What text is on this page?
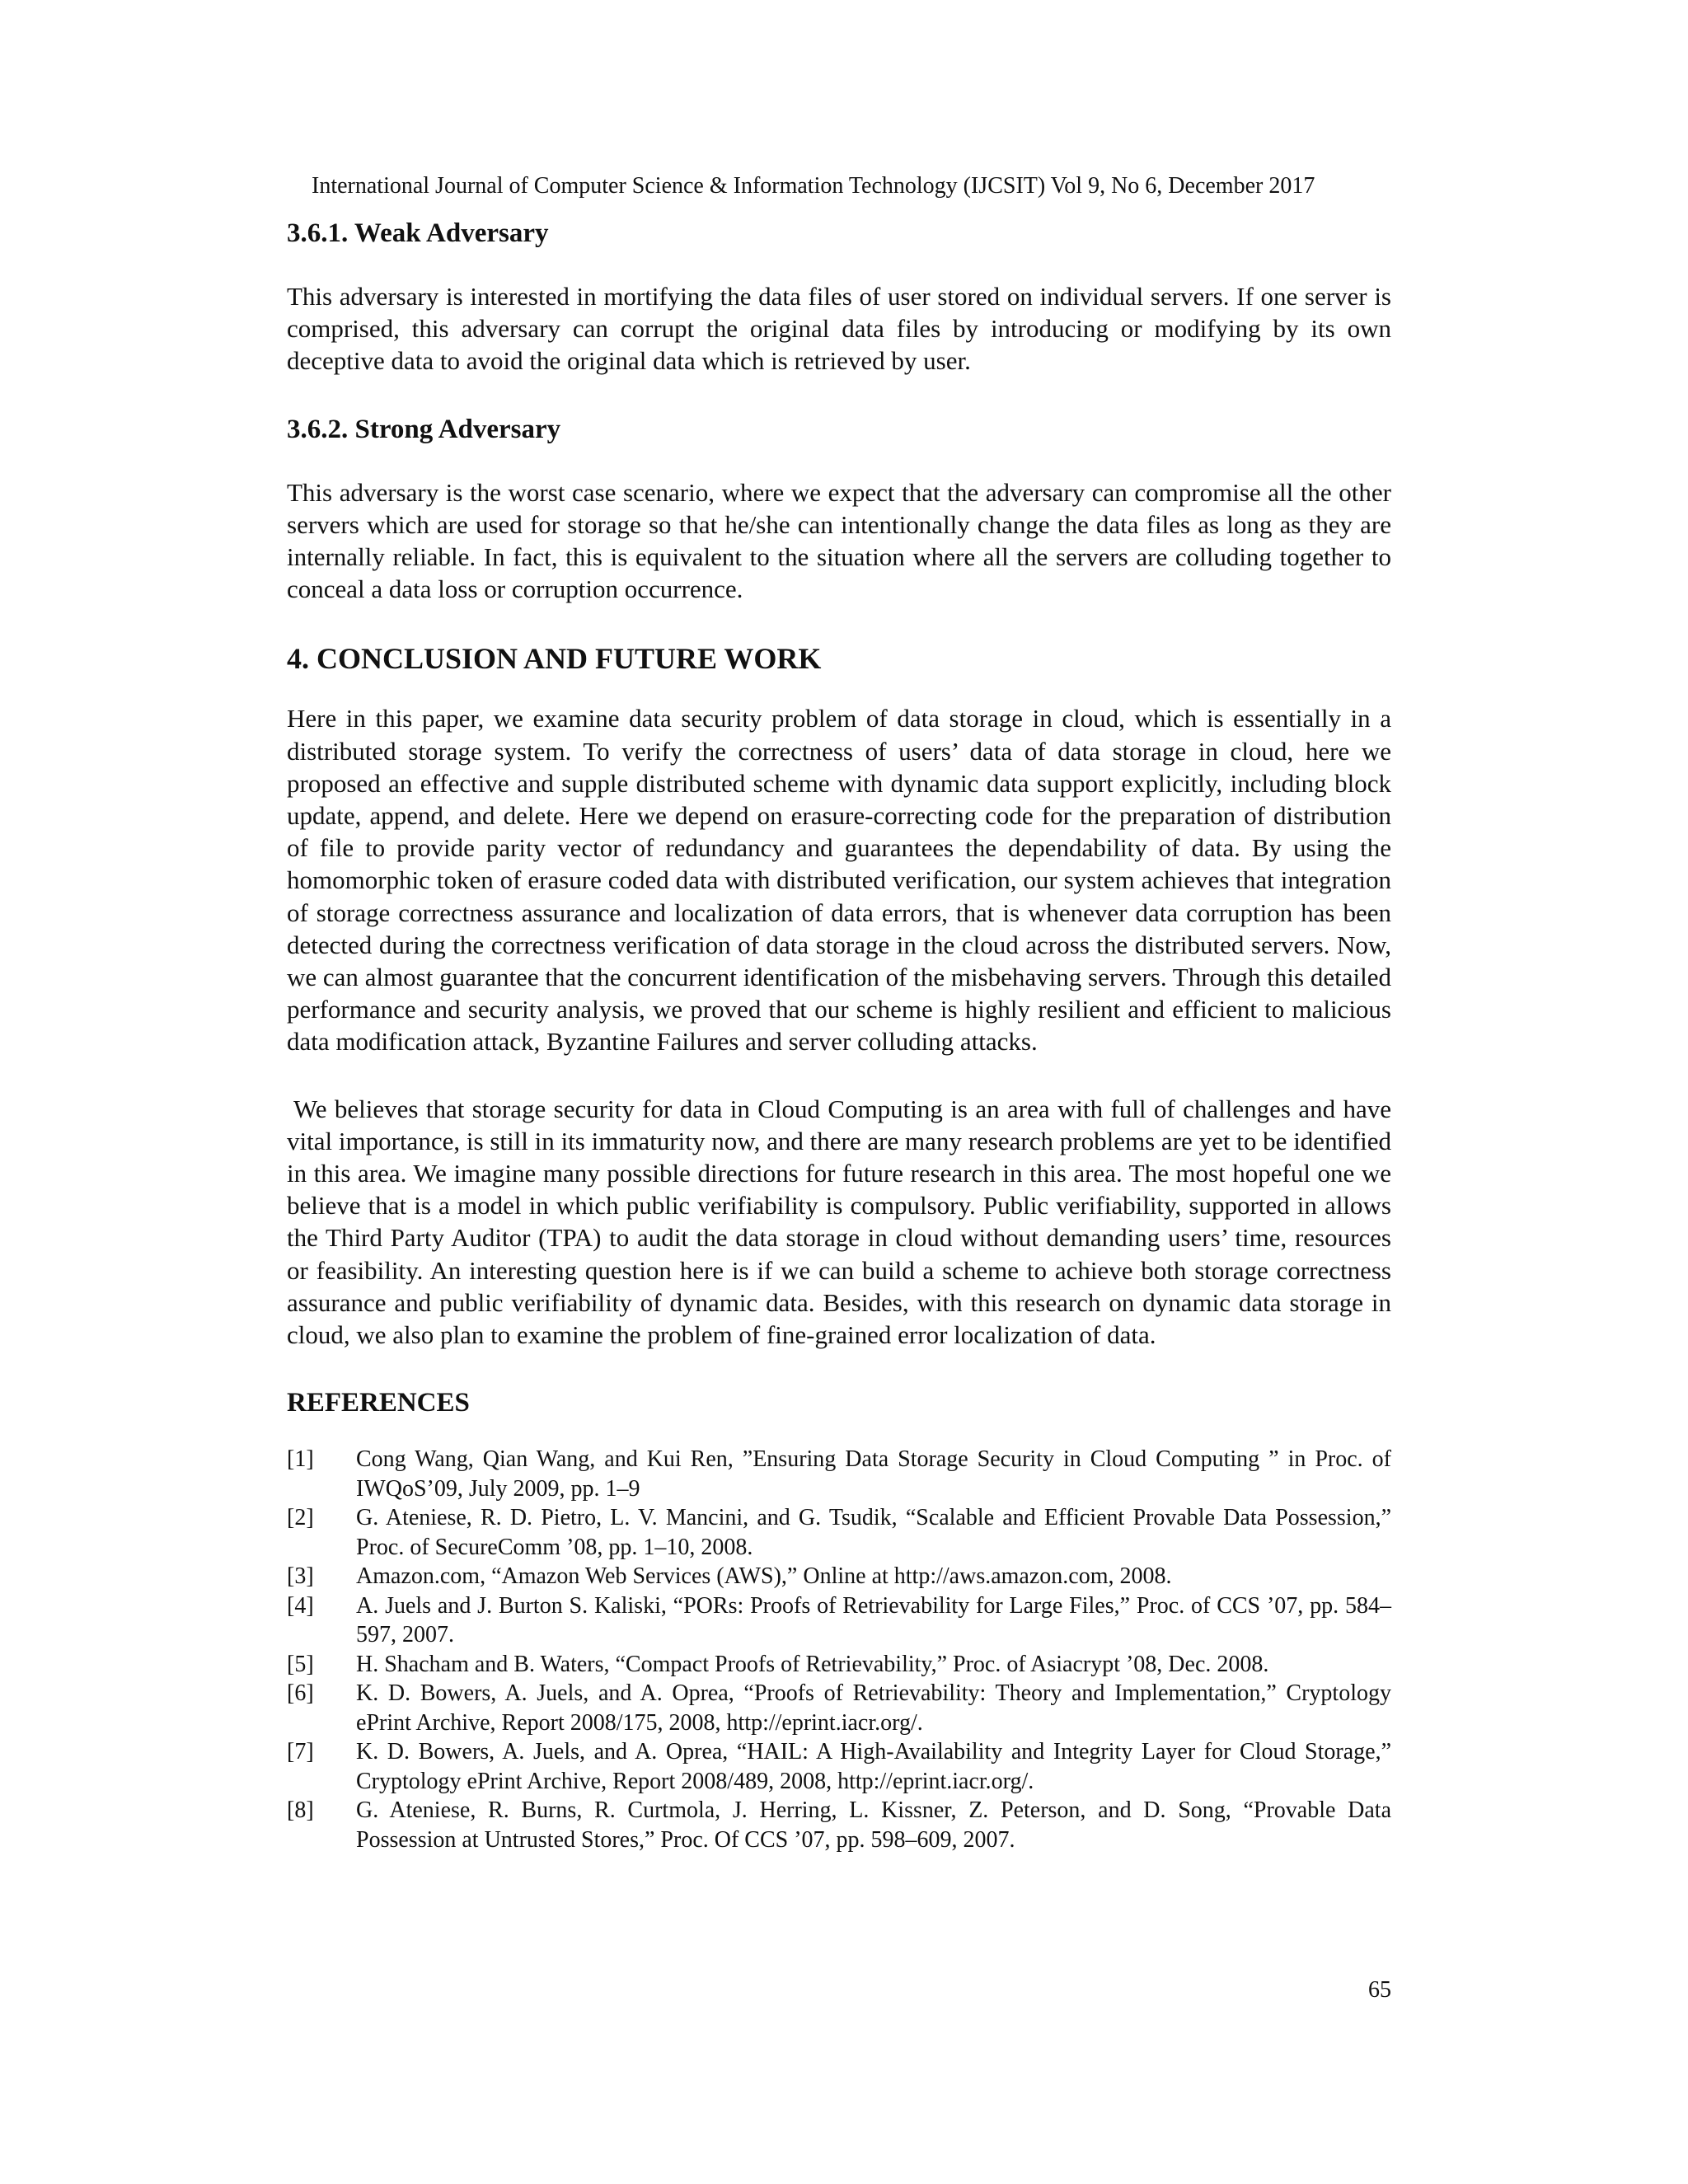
International Journal of Computer Science & Information Technology (IJCSIT) Vol 9, No 6, December 2017
3.6.1. Weak Adversary

This adversary is interested in mortifying the data files of user stored on individual servers. If one server is comprised, this adversary can corrupt the original data files by introducing or modifying by its own deceptive data to avoid the original data which is retrieved by user.

3.6.2. Strong Adversary

This adversary is the worst case scenario, where we expect that the adversary can compromise all the other servers which are used for storage so that he/she can intentionally change the data files as long as they are internally reliable. In fact, this is equivalent to the situation where all the servers are colluding together to conceal a data loss or corruption occurrence.

4. CONCLUSION AND FUTURE WORK

Here in this paper, we examine data security problem of data storage in cloud, which is essentially in a distributed storage system. To verify the correctness of users’ data of data storage in cloud, here we proposed an effective and supple distributed scheme with dynamic data support explicitly, including block update, append, and delete. Here we depend on erasure-correcting code for the preparation of distribution of file to provide parity vector of redundancy and guarantees the dependability of data. By using the homomorphic token of erasure coded data with distributed verification, our system achieves that integration of storage correctness assurance and localization of data errors, that is whenever data corruption has been detected during the correctness verification of data storage in the cloud across the distributed servers. Now, we can almost guarantee that the concurrent identification of the misbehaving servers. Through this detailed performance and security analysis, we proved that our scheme is highly resilient and efficient to malicious data modification attack, Byzantine Failures and server colluding attacks.

We believes that storage security for data in Cloud Computing is an area with full of challenges and have vital importance, is still in its immaturity now, and there are many research problems are yet to be identified in this area. We imagine many possible directions for future research in this area. The most hopeful one we believe that is a model in which public verifiability is compulsory. Public verifiability, supported in allows the Third Party Auditor (TPA) to audit the data storage in cloud without demanding users’ time, resources or feasibility. An interesting question here is if we can build a scheme to achieve both storage correctness assurance and public verifiability of dynamic data. Besides, with this research on dynamic data storage in cloud, we also plan to examine the problem of fine-grained error localization of data.

REFERENCES
[1]	Cong Wang, Qian Wang, and Kui Ren, ”Ensuring Data Storage Security in Cloud Computing ” in Proc. of IWQoS’09, July 2009, pp. 1–9
[2]	G. Ateniese, R. D. Pietro, L. V. Mancini, and G. Tsudik, “Scalable and Efficient Provable Data Possession,” Proc. of SecureComm ’08, pp. 1–10, 2008.
[3]	Amazon.com, “Amazon Web Services (AWS),” Online at http://aws.amazon.com, 2008.
[4]	A. Juels and J. Burton S. Kaliski, “PORs: Proofs of Retrievability for Large Files,” Proc. of CCS ’07, pp. 584–597, 2007.
[5]	H. Shacham and B. Waters, “Compact Proofs of Retrievability,” Proc. of Asiacrypt ’08, Dec. 2008.
[6]	K. D. Bowers, A. Juels, and A. Oprea, “Proofs of Retrievability: Theory and Implementation,” Cryptology ePrint Archive, Report 2008/175, 2008, http://eprint.iacr.org/.
[7]	K. D. Bowers, A. Juels, and A. Oprea, “HAIL: A High-Availability and Integrity Layer for Cloud Storage,” Cryptology ePrint Archive, Report 2008/489, 2008, http://eprint.iacr.org/.
[8]	G. Ateniese, R. Burns, R. Curtmola, J. Herring, L. Kissner, Z. Peterson, and D. Song, “Provable Data Possession at Untrusted Stores,” Proc. Of CCS ’07, pp. 598–609, 2007.
65
